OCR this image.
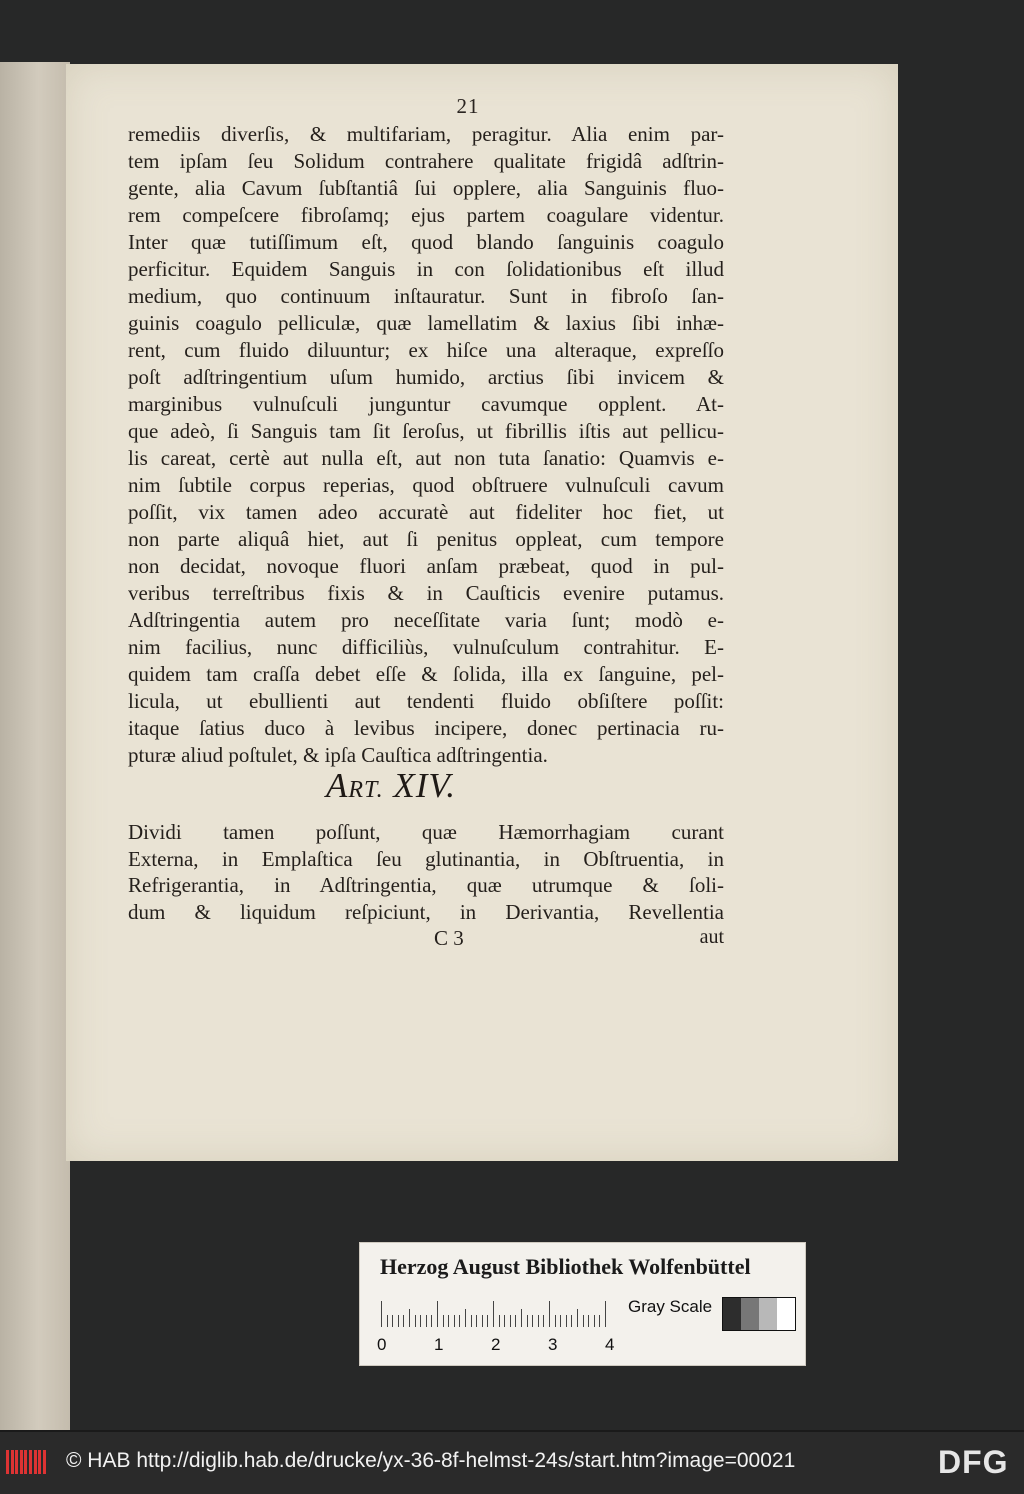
21
remediis diverſis, & multifariam, peragitur. Alia enim par-
tem ipſam ſeu Solidum contrahere qualitate frigidâ adſtrin-
gente, alia Cavum ſubſtantiâ ſui opplere, alia Sanguinis fluo-
rem compeſcere fibroſamq; ejus partem coagulare videntur.
Inter quæ tutiſſimum eſt, quod blando ſanguinis coagulo
perficitur. Equidem Sanguis in con ſolidationibus eſt illud
medium, quo continuum inſtauratur. Sunt in fibroſo ſan-
guinis coagulo pelliculæ, quæ lamellatim & laxius ſibi inhæ-
rent, cum fluido diluuntur; ex hiſce una alteraque, expreſſo
poſt adſtringentium uſum humido, arctius ſibi invicem &
marginibus vulnuſculi junguntur cavumque opplent. At-
que adeò, ſi Sanguis tam ſit ſeroſus, ut fibrillis iſtis aut pellicu-
lis careat, certè aut nulla eſt, aut non tuta ſanatio: Quamvis e-
nim ſubtile corpus reperias, quod obſtruere vulnuſculi cavum
poſſit, vix tamen adeo accuratè aut fideliter hoc fiet, ut
non parte aliquâ hiet, aut ſi penitus oppleat, cum tempore
non decidat, novoque fluori anſam præbeat, quod in pul-
veribus terreſtribus fixis & in Cauſticis evenire putamus.
Adſtringentia autem pro neceſſitate varia ſunt; modò e-
nim facilius, nunc difficiliùs, vulnuſculum contrahitur. E-
quidem tam craſſa debet eſſe & ſolida, illa ex ſanguine, pel-
licula, ut ebullienti aut tendenti fluido obſiſtere poſſit:
itaque ſatius duco à levibus incipere, donec pertinacia ru-
pturæ aliud poſtulet, & ipſa Cauſtica adſtringentia.
ART. XIV.
Dividi tamen poſſunt, quæ Hæmorrhagiam curant
Externa, in Emplaſtica ſeu glutinantia, in Obſtruentia, in
Refrigerantia, in Adſtringentia, quæ utrumque & ſoli-
dum & liquidum reſpiciunt, in Derivantia, Revellentia
C 3	aut
Herzog August Bibliothek Wolfenbüttel
0	1	2	3	4
Gray Scale
© HAB http://diglib.hab.de/drucke/yx-36-8f-helmst-24s/start.htm?image=00021	DFG
